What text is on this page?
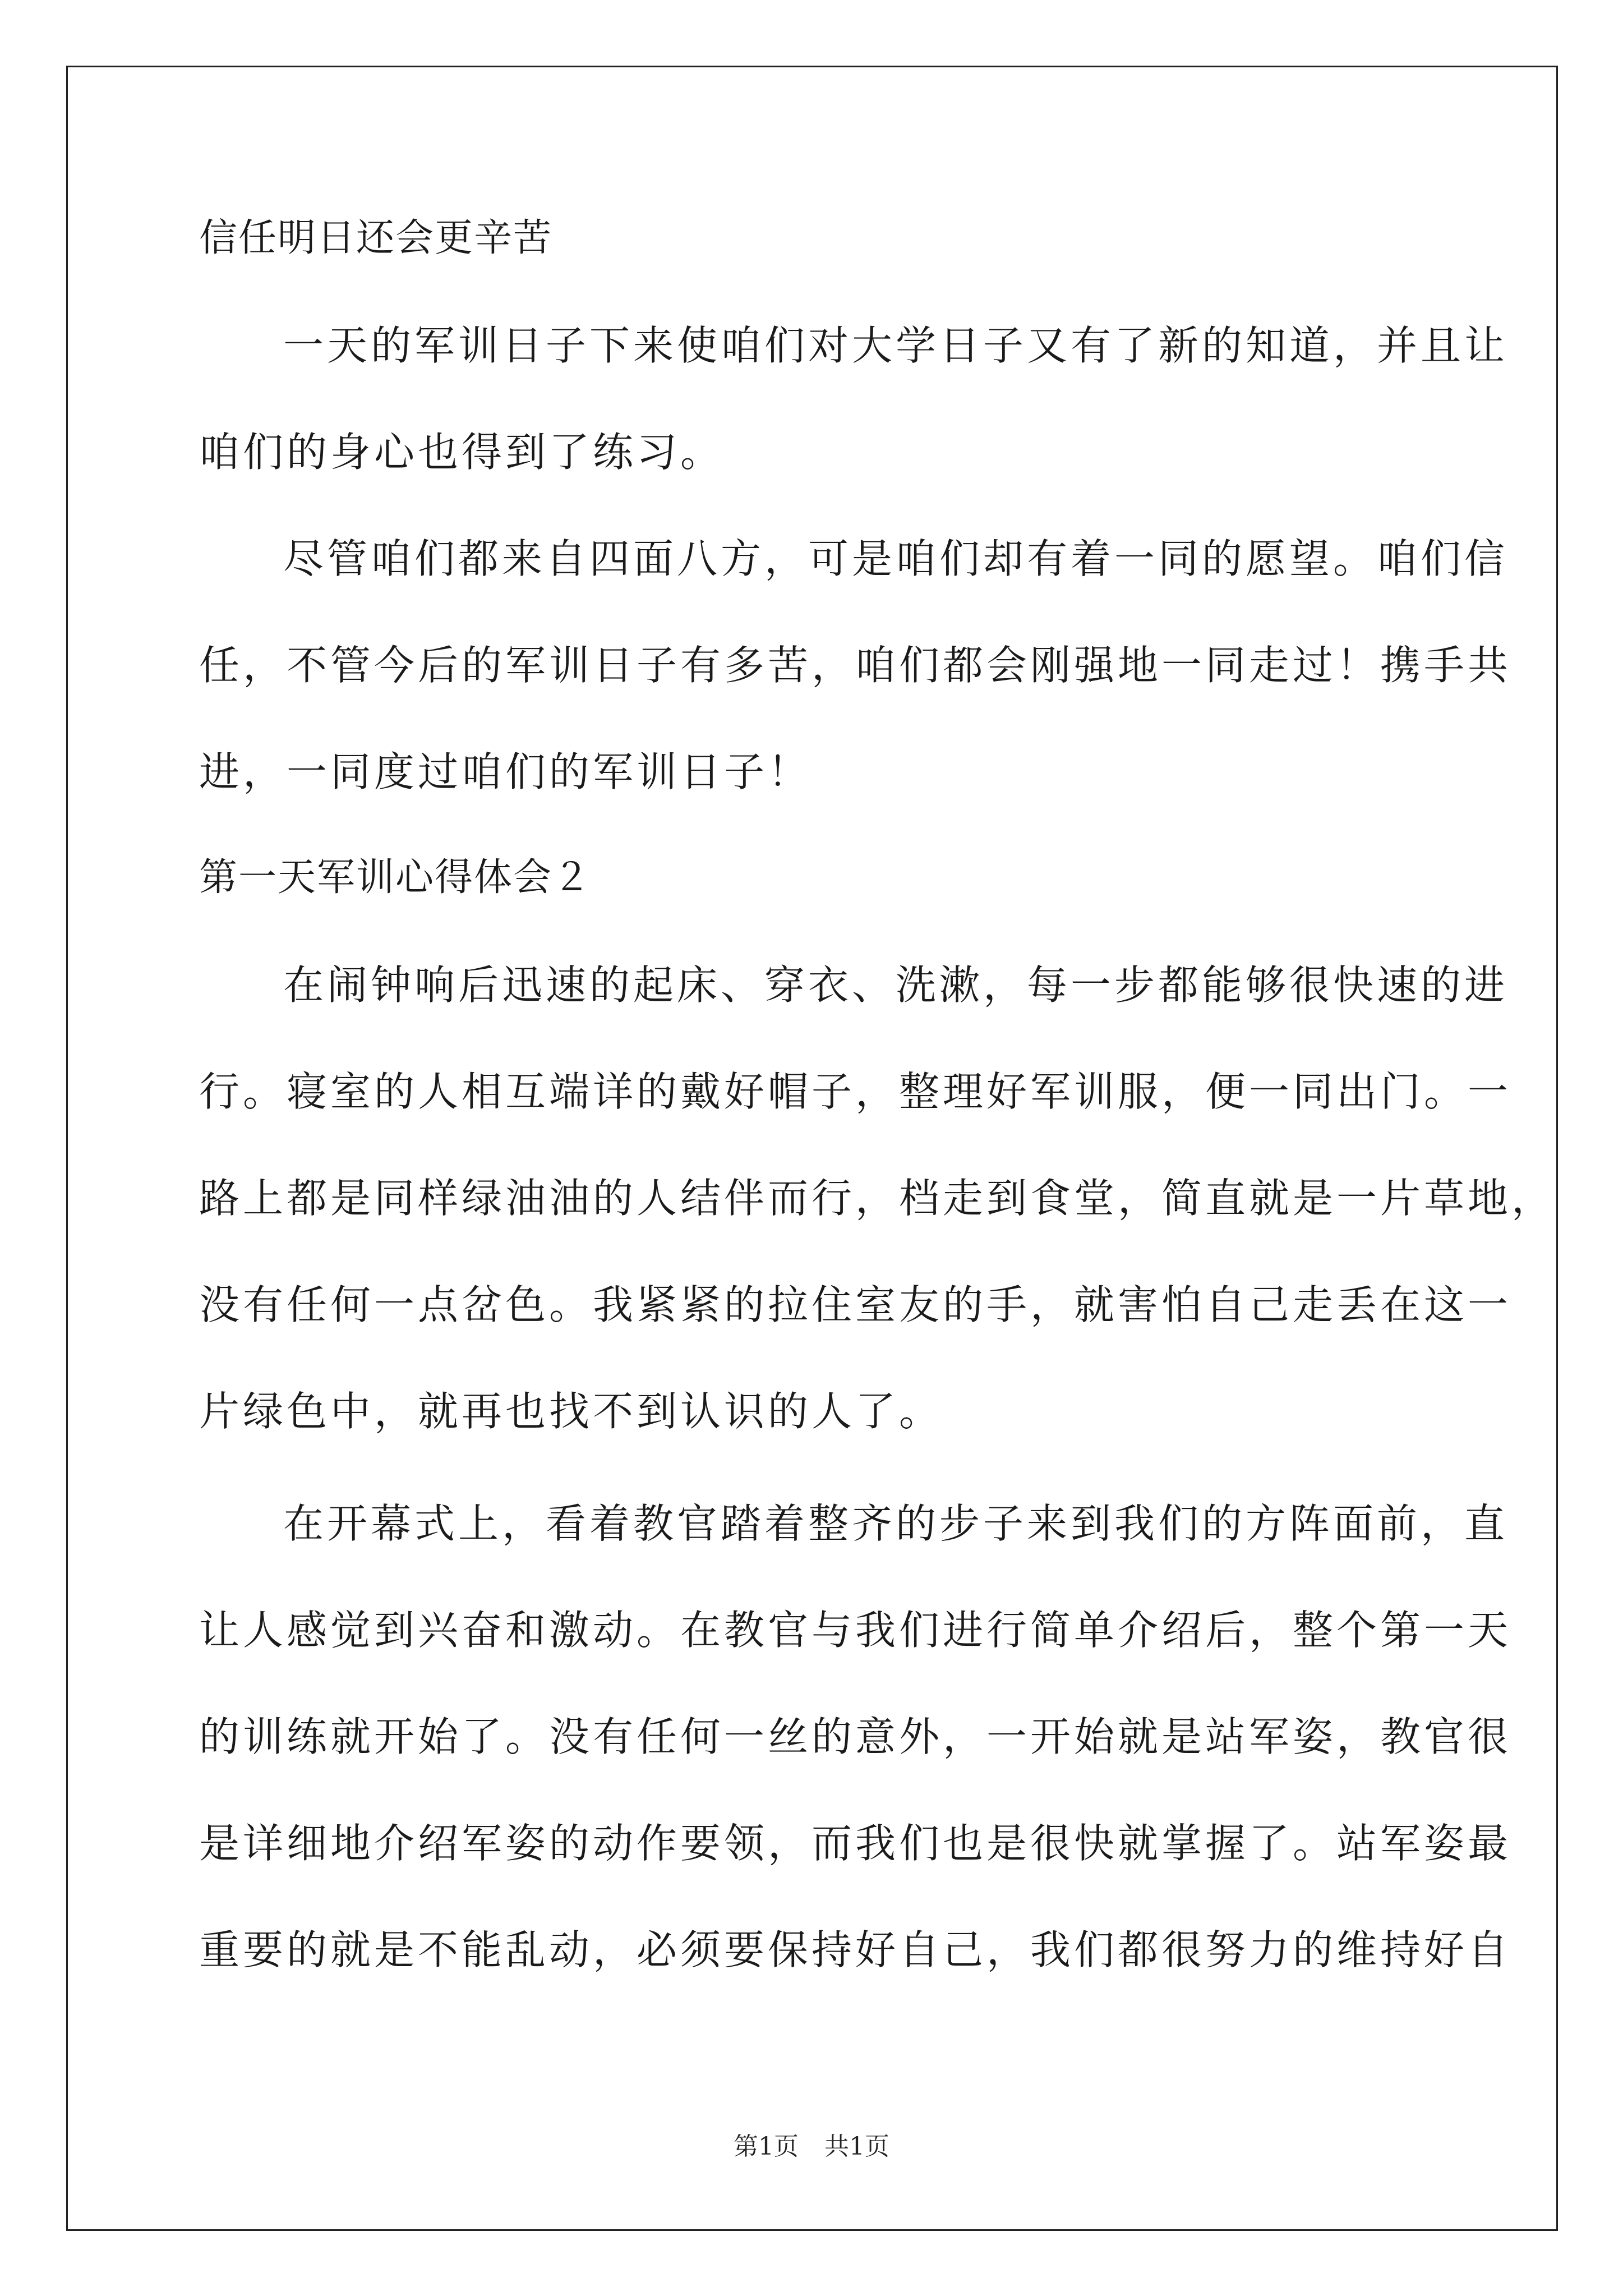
信任明日还会更辛苦

一天的军训日子下来使咱们对大学日子又有了新的知道，并且让

咱们的身心也得到了练习。

尽管咱们都来自四面八方，可是咱们却有着一同的愿望。咱们信

任，不管今后的军训日子有多苦，咱们都会刚强地一同走过！携手共

进，一同度过咱们的军训日子！

第一天军训心得体会２

在闹钟响后迅速的起床、穿衣、洗漱，每一步都能够很快速的进

行。寝室的人相互端详的戴好帽子，整理好军训服，便一同出门。一

路上都是同样绿油油的人结伴而行，档走到食堂，简直就是一片草地，

没有任何一点岔色。我紧紧的拉住室友的手，就害怕自己走丢在这一

片绿色中，就再也找不到认识的人了。

在开幕式上，看着教官踏着整齐的步子来到我们的方阵面前，直

让人感觉到兴奋和激动。在教官与我们进行简单介绍后，整个第一天

的训练就开始了。没有任何一丝的意外，一开始就是站军姿，教官很

是详细地介绍军姿的动作要领，而我们也是很快就掌握了。站军姿最

重要的就是不能乱动，必须要保持好自己，我们都很努力的维持好自

第1页 共1页
